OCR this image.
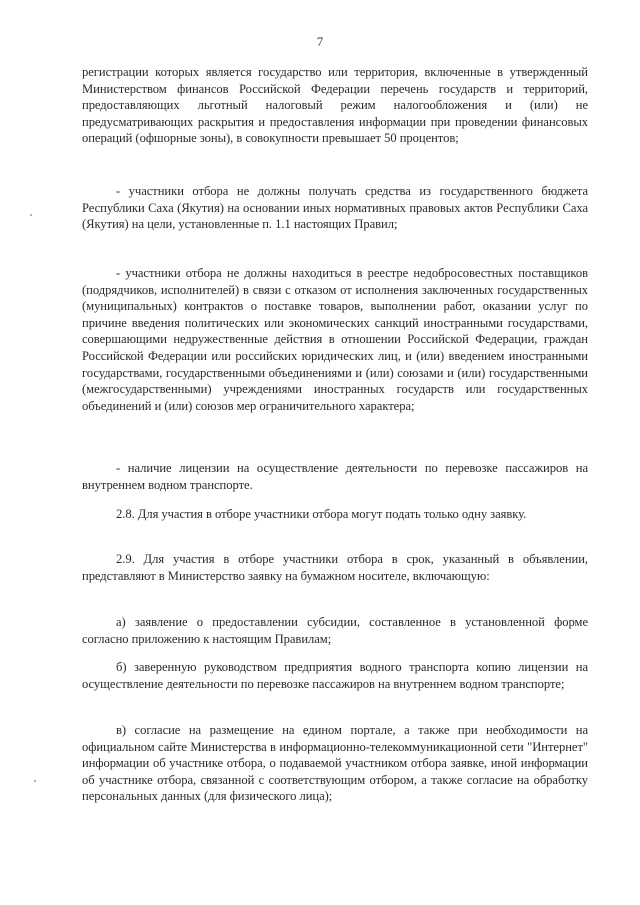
7
регистрации которых является государство или территория, включенные в утвержденный Министерством финансов Российской Федерации перечень государств и территорий, предоставляющих льготный налоговый режим налогообложения и (или) не предусматривающих раскрытия и предоставления информации при проведении финансовых операций (офшорные зоны), в совокупности превышает 50 процентов;
- участники отбора не должны получать средства из государственного бюджета Республики Саха (Якутия) на основании иных нормативных правовых актов Республики Саха (Якутия) на цели, установленные п. 1.1 настоящих Правил;
- участники отбора не должны находиться в реестре недобросовестных поставщиков (подрядчиков, исполнителей) в связи с отказом от исполнения заключенных государственных (муниципальных) контрактов о поставке товаров, выполнении работ, оказании услуг по причине введения политических или экономических санкций иностранными государствами, совершающими недружественные действия в отношении Российской Федерации, граждан Российской Федерации или российских юридических лиц, и (или) введением иностранными государствами, государственными объединениями и (или) союзами и (или) государственными (межгосударственными) учреждениями иностранных государств или государственных объединений и (или) союзов мер ограничительного характера;
- наличие лицензии на осуществление деятельности по перевозке пассажиров на внутреннем водном транспорте.
2.8. Для участия в отборе участники отбора могут подать только одну заявку.
2.9. Для участия в отборе участники отбора в срок, указанный в объявлении, представляют в Министерство заявку на бумажном носителе, включающую:
а) заявление о предоставлении субсидии, составленное в установленной форме согласно приложению к настоящим Правилам;
б) заверенную руководством предприятия водного транспорта копию лицензии на осуществление деятельности по перевозке пассажиров на внутреннем водном транспорте;
в) согласие на размещение на едином портале, а также при необходимости на официальном сайте Министерства в информационно-телекоммуникационной сети "Интернет" информации об участнике отбора, о подаваемой участником отбора заявке, иной информации об участнике отбора, связанной с соответствующим отбором, а также согласие на обработку персональных данных (для физического лица);
